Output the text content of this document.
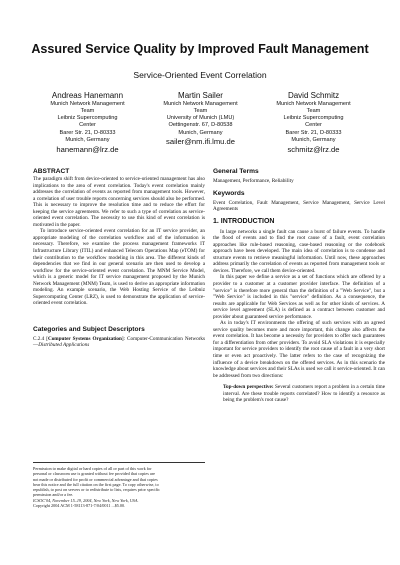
Assured Service Quality by Improved Fault Management
Service-Oriented Event Correlation
Andreas Hanemann
Munich Network Management
Team
Leibniz Supercomputing
Center
Barer Str. 21, D-80333
Munich, Germany
hanemann@lrz.de
Martin Sailer
Munich Network Management
Team
University of Munich (LMU)
Oettingenstr. 67, D-80538
Munich, Germany
sailer@nm.ifi.lmu.de
David Schmitz
Munich Network Management
Team
Leibniz Supercomputing
Center
Barer Str. 21, D-80333
Munich, Germany
schmitz@lrz.de
ABSTRACT

The paradigm shift from device-oriented to service-oriented management has also implications to the area of event correlation. Today's event correlation mainly addresses the correlation of events as reported from management tools. However, a correlation of user trouble reports concerning services should also be performed. This is necessary to improve the resolution time and to reduce the effort for keeping the service agreements. We refer to such a type of correlation as service-oriented event correlation. The necessity to use this kind of event correlation is motivated in the paper.

To introduce service-oriented event correlation for an IT service provider, an appropriate modeling of the correlation workflow and of the information is necessary. Therefore, we examine the process management frameworks IT Infrastructure Library (ITIL) and enhanced Telecom Operations Map (eTOM) for their contribution to the workflow modeling in this area. The different kinds of dependencies that we find in our general scenario are then used to develop a workflow for the service-oriented event correlation. The MNM Service Model, which is a generic model for IT service management proposed by the Munich Network Management (MNM) Team, is used to derive an appropriate information modeling. An example scenario, the Web Hosting Service of the Leibniz Supercomputing Center (LRZ), is used to demonstrate the application of service-oriented event correlation.

Categories and Subject Descriptors

C.2.4 [Computer Systems Organization]: Computer-Communication Networks—Distributed Applications

Permission to make digital or hard copies of all or part of this work for
personal or classroom use is granted without fee provided that copies are
not made or distributed for profit or commercial advantage and that copies
bear this notice and the full citation on the first page. To copy otherwise, to
republish, to post on servers or to redistribute to lists, requires prior specific
permission and/or a fee.
ICSOC'04, November 15–19, 2004, New York, New York, USA.
Copyright 2004 ACM 1-58113-871-7/04/0011 ...$5.00.
General Terms

Management, Performance, Reliability

Keywords

Event Correlation, Fault Management, Service Management, Service Level Agreements

1. INTRODUCTION

In large networks a single fault can cause a burst of failure events. To handle the flood of events and to find the root cause of a fault, event correlation approaches like rule-based reasoning, case-based reasoning or the codebook approach have been developed. The main idea of correlation is to condense and structure events to retrieve meaningful information. Until now, these approaches address primarily the correlation of events as reported from management tools or devices. Therefore, we call them device-oriented.

In this paper we define a service as a set of functions which are offered by a provider to a customer at a customer provider interface. The definition of a "service" is therefore more general than the definition of a "Web Service", but a "Web Service" is included in this "service" definition. As a consequence, the results are applicable for Web Services as well as for other kinds of services. A service level agreement (SLA) is defined as a contract between customer and provider about guaranteed service performance.

As in today's IT environments the offering of such services with an agreed service quality becomes more and more important, this change also affects the event correlation. It has become a necessity for providers to offer such guarantees for a differentiation from other providers. To avoid SLA violations it is especially important for service providers to identify the root cause of a fault in a very short time or even act proactively. The latter refers to the case of recognizing the influence of a device breakdown on the offered services. As in this scenario the knowledge about services and their SLAs is used we call it service-oriented. It can be addressed from two directions:

Top-down perspective: Several customers report a problem in a certain time interval. Are these trouble reports correlated? How to identify a resource as being the problem's root cause?
